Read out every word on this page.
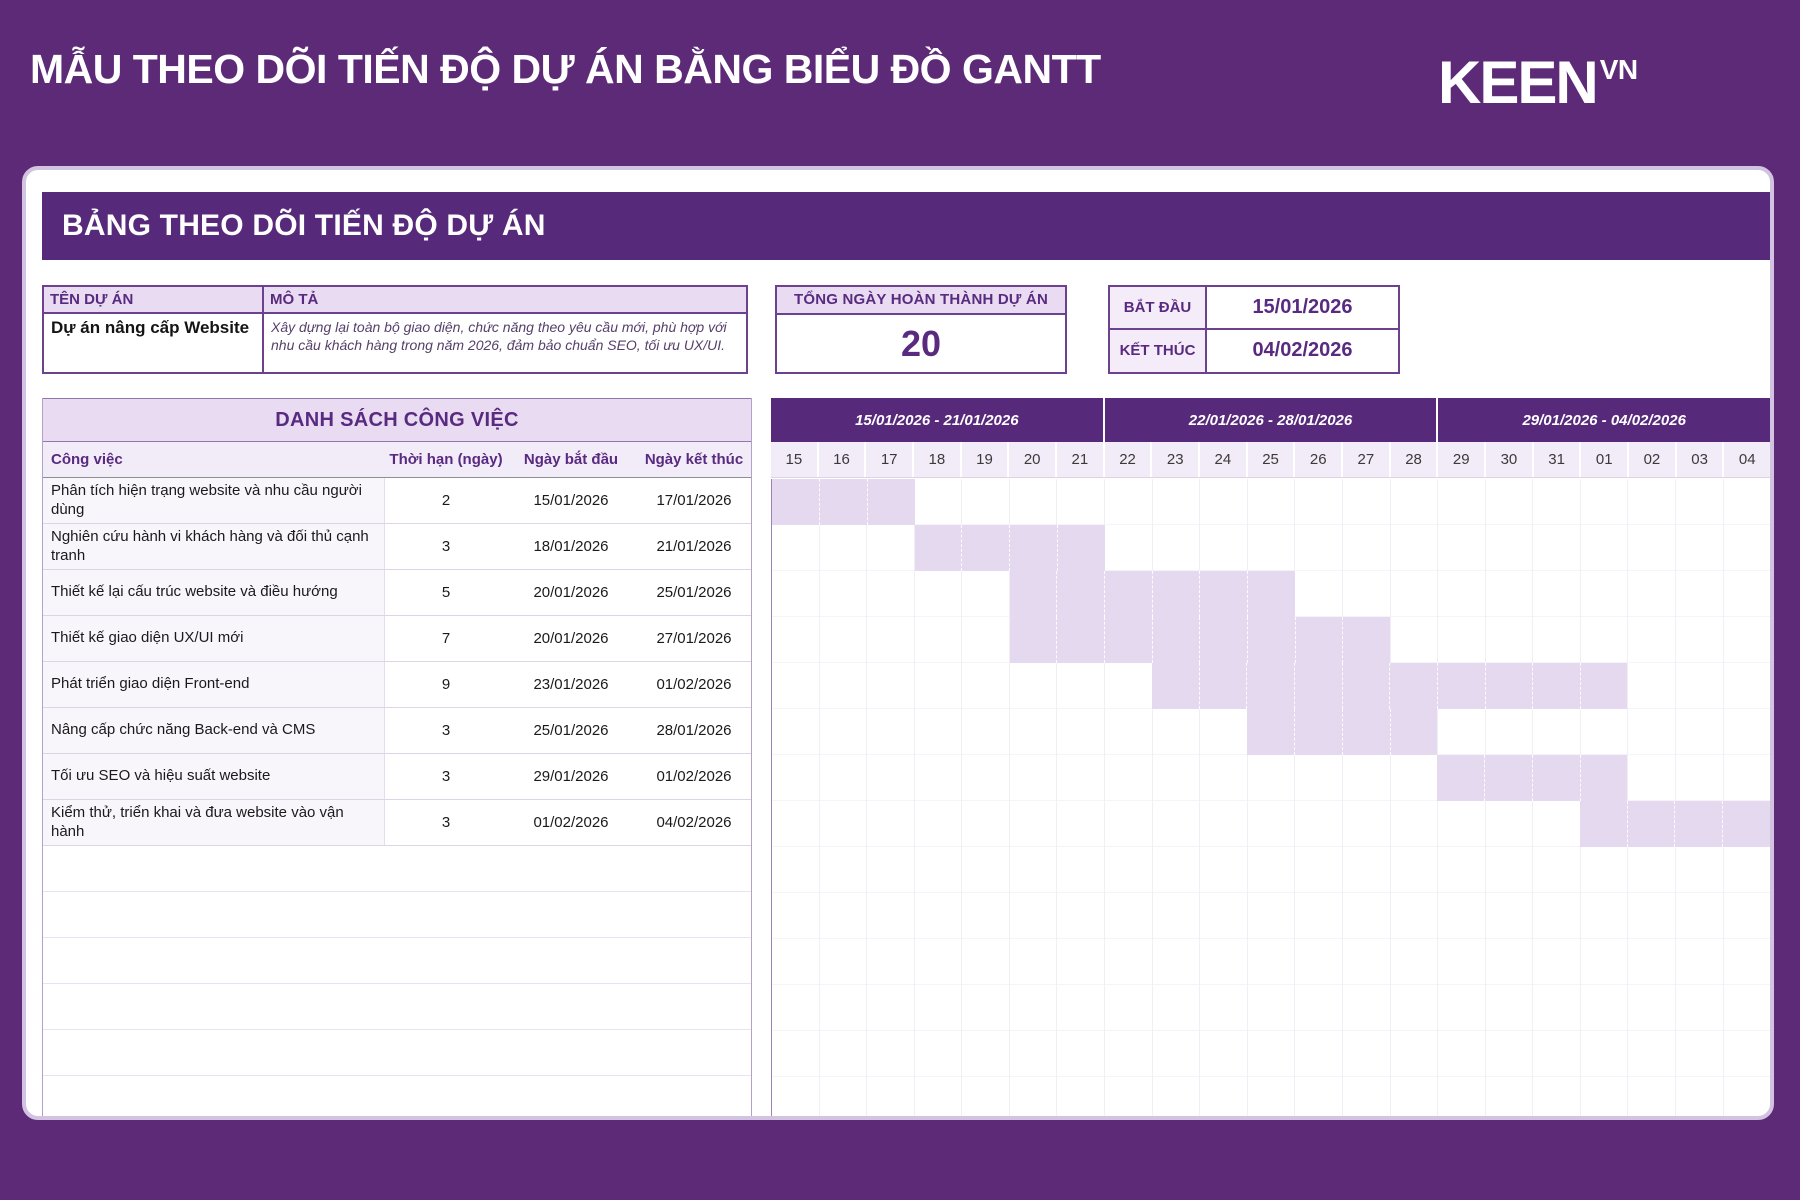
MẪU THEO DÕI TIẾN ĐỘ DỰ ÁN BẰNG BIỂU ĐỒ GANTT	KEEN VN
BẢNG THEO DÕI TIẾN ĐỘ DỰ ÁN
TÊN DỰ ÁN	MÔ TẢ
Dự án nâng cấp Website	Xây dựng lại toàn bộ giao diện, chức năng theo yêu cầu mới, phù hợp với nhu cầu khách hàng trong năm 2026, đảm bảo chuẩn SEO, tối ưu UX/UI.
TỔNG NGÀY HOÀN THÀNH DỰ ÁN
20
BẮT ĐẦU	15/01/2026
KẾT THÚC	04/02/2026
DANH SÁCH CÔNG VIỆC
Công việc	Thời hạn (ngày)	Ngày bắt đầu	Ngày kết thúc
Phân tích hiện trạng website và nhu cầu người dùng	2	15/01/2026	17/01/2026
Nghiên cứu hành vi khách hàng và đối thủ cạnh tranh	3	18/01/2026	21/01/2026
Thiết kế lại cấu trúc website và điều hướng	5	20/01/2026	25/01/2026
Thiết kế giao diện UX/UI mới	7	20/01/2026	27/01/2026
Phát triển giao diện Front-end	9	23/01/2026	01/02/2026
Nâng cấp chức năng Back-end và CMS	3	25/01/2026	28/01/2026
Tối ưu SEO và hiệu suất website	3	29/01/2026	01/02/2026
Kiểm thử, triển khai và đưa website vào vận hành	3	01/02/2026	04/02/2026
15/01/2026 - 21/01/2026	22/01/2026 - 28/01/2026	29/01/2026 - 04/02/2026
15	16	17	18	19	20	21	22	23	24	25	26	27	28	29	30	31	01	02	03	04
